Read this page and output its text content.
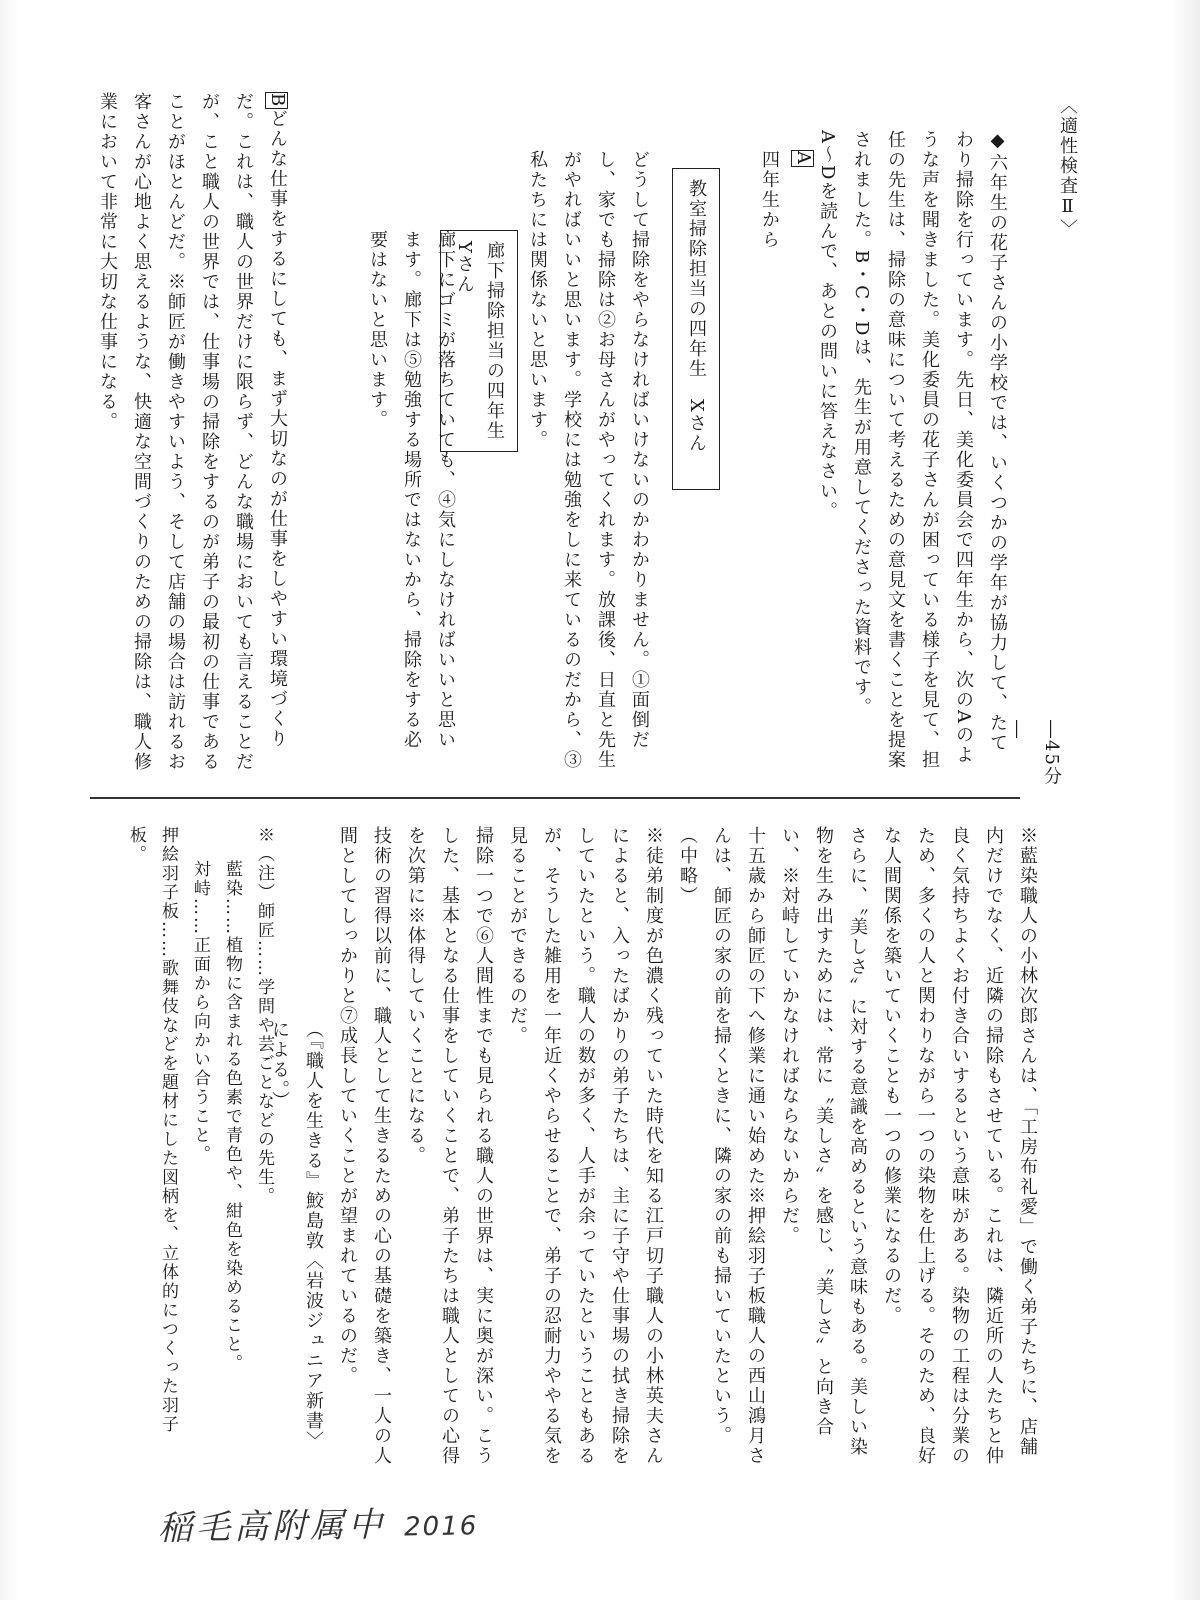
〈適性検査Ⅱ〉
―45分―

◆六年生の花子さんの小学校では、いくつかの学年が協力して、たてわり掃除を行っています。先日、美化委員会で四年生から、次のAのような声を聞きました。美化委員の花子さんが困っている様子を見て、担任の先生は、掃除の意味について考えるための意見文を書くことを提案されました。B・C・Dは、先生が用意してくださった資料です。

A～Dを読んで、あとの問いに答えなさい。

A

四年生から

教室掃除担当の四年生　Xさん
どうして掃除をやらなければいけないのかわかりません。①面倒だし、家でも掃除は②お母さんがやってくれます。放課後、日直と先生がやればいいと思います。学校には勉強をしに来ているのだから、③私たちには関係ないと思います。
廊下掃除担当の四年生　Yさん
廊下にゴミが落ちていても、④気にしなければいいと思います。廊下は⑤勉強する場所ではないから、掃除をする必要はないと思います。

Bどんな仕事をするにしても、まず大切なのが仕事をしやすい環境づくりだ。これは、職人の世界だけに限らず、どんな職場においても言えることだが、こと職人の世界では、仕事場の掃除をするのが弟子の最初の仕事であることがほとんどだ。※師匠が働きやすいよう、そして店舗の場合は訪れるお客さんが心地よく思えるような、快適な空間づくりのための掃除は、職人修業において非常に大切な仕事になる。

※藍染職人の小林次郎さんは、「工房布礼愛」で働く弟子たちに、店舗内だけでなく、近隣の掃除もさせている。これは、隣近所の人たちと仲良く気持ちよくお付き合いするという意味がある。染物の工程は分業のため、多くの人と関わりながら一つの染物を仕上げる。そのため、良好な人間関係を築いていくことも一つの修業になるのだ。

さらに、〝美しさ〟に対する意識を高めるという意味もある。美しい染物を生み出すためには、常に〝美しさ〟を感じ、〝美しさ〟と向き合い、※対峙していかなければならないからだ。

十五歳から師匠の下へ修業に通い始めた※押絵羽子板職人の西山鴻月さんは、師匠の家の前を掃くときに、隣の家の前も掃いていたという。（中略）

※徒弟制度が色濃く残っていた時代を知る江戸切子職人の小林英夫さんによると、入ったばかりの弟子たちは、主に子守や仕事場の拭き掃除をしていたという。職人の数が多く、人手が余っていたということもあるが、そうした雑用を一年近くやらせることで、弟子の忍耐力ややる気を見ることができるのだ。

掃除一つで⑥人間性までも見られる職人の世界は、実に奥が深い。こうした、基本となる仕事をしていくことで、弟子たちは職人としての心得を次第に※体得していくことになる。

技術の習得以前に、職人として生きるための心の基礎を築き、一人の人間としてしっかりと⑦成長していくことが望まれているのだ。

（『職人を生きる』鮫島敦〈岩波ジュニア新書〉による。）

※（注）師匠……学問や芸ごとなどの先生。

藍染……植物に含まれる色素で青色や、紺色を染めること。

対峙……正面から向かい合うこと。

押絵羽子板……歌舞伎などを題材にした図柄を、立体的につくった羽子板。

稲毛高附属中 2016
